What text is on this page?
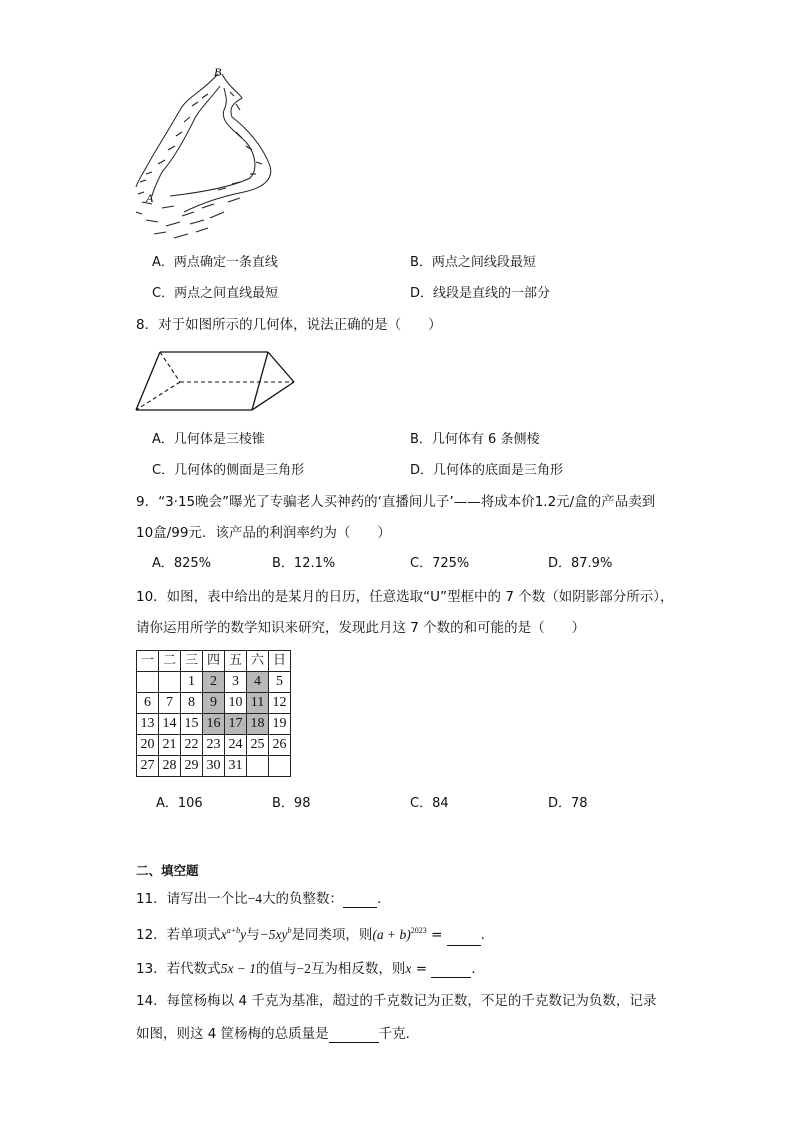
B
A
A．两点确定一条直线	B．两点之间线段最短
C．两点之间直线最短	D．线段是直线的一部分
8．对于如图所示的几何体，说法正确的是（　　）
A．几何体是三棱锥	B．几何体有 6 条侧棱
C．几何体的侧面是三角形	D．几何体的底面是三角形
9．“3·15晚会”曝光了专骗老人买神药的‘直播间儿子’——将成本价1.2元/盒的产品卖到
10盒/99元．该产品的利润率约为（　　）
A．825%	B．12.1%	C．725%	D．87.9%
10．如图，表中给出的是某月的日历，任意选取“U”型框中的 7 个数（如阴影部分所示），
请你运用所学的数学知识来研究，发现此月这 7 个数的和可能的是（　　）
一	二	三	四	五	六	日
		1	2	3	4	5
6	7	8	9	10	11	12
13	14	15	16	17	18	19
20	21	22	23	24	25	26
27	28	29	30	31		
A．106	B．98	C．84	D．78
二、填空题
11．请写出一个比−4大的负整数：	．
12．若单项式$x^{a+b}y$与$-5xy^b$是同类项，则$(a + b)^{2023}$ =	．
13．若代数式5x − 1的值与−2互为相反数，则x =	．
14．每筐杨梅以 4 千克为基准，超过的千克数记为正数，不足的千克数记为负数，记录
如图，则这 4 筐杨梅的总质量是	千克．
